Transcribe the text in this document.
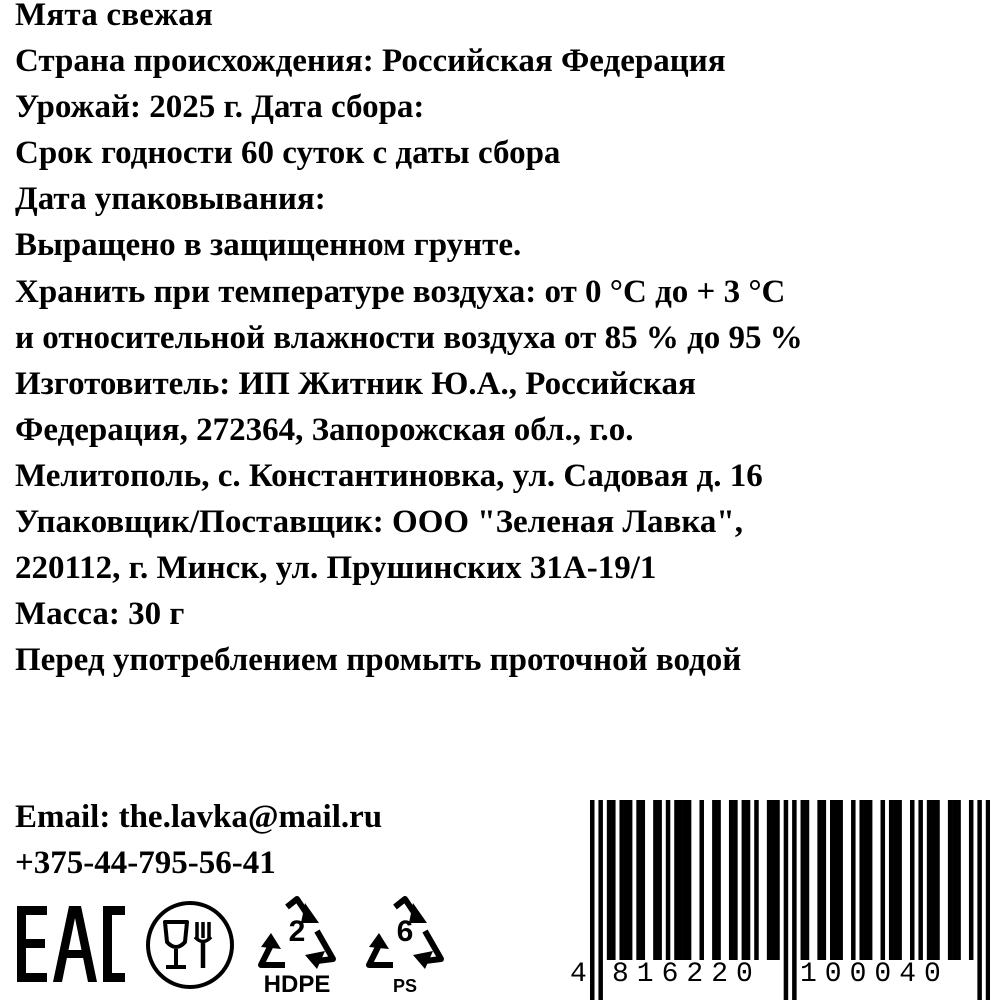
Мята свежая
Страна происхождения: Российская Федерация
Урожай: 2025 г. Дата сбора:
Срок годности 60 суток с даты сбора
Дата упаковывания:
Выращено в защищенном грунте.
Хранить при температуре воздуха: от 0 °С до + 3 °С
и относительной влажности воздуха от 85 % до 95 %
Изготовитель: ИП Житник Ю.А., Российская
Федерация, 272364, Запорожская обл., г.о.
Мелитополь, с. Константиновка, ул. Садовая д. 16
Упаковщик/Поставщик: ООО "Зеленая Лавка",
220112, г. Минск, ул. Прушинских 31А-19/1
Масса: 30 г
Перед употреблением промыть проточной водой
Email: the.lavka@mail.ru
+375-44-795-56-41
2
HDPE
6
PS	4 816220 100040
